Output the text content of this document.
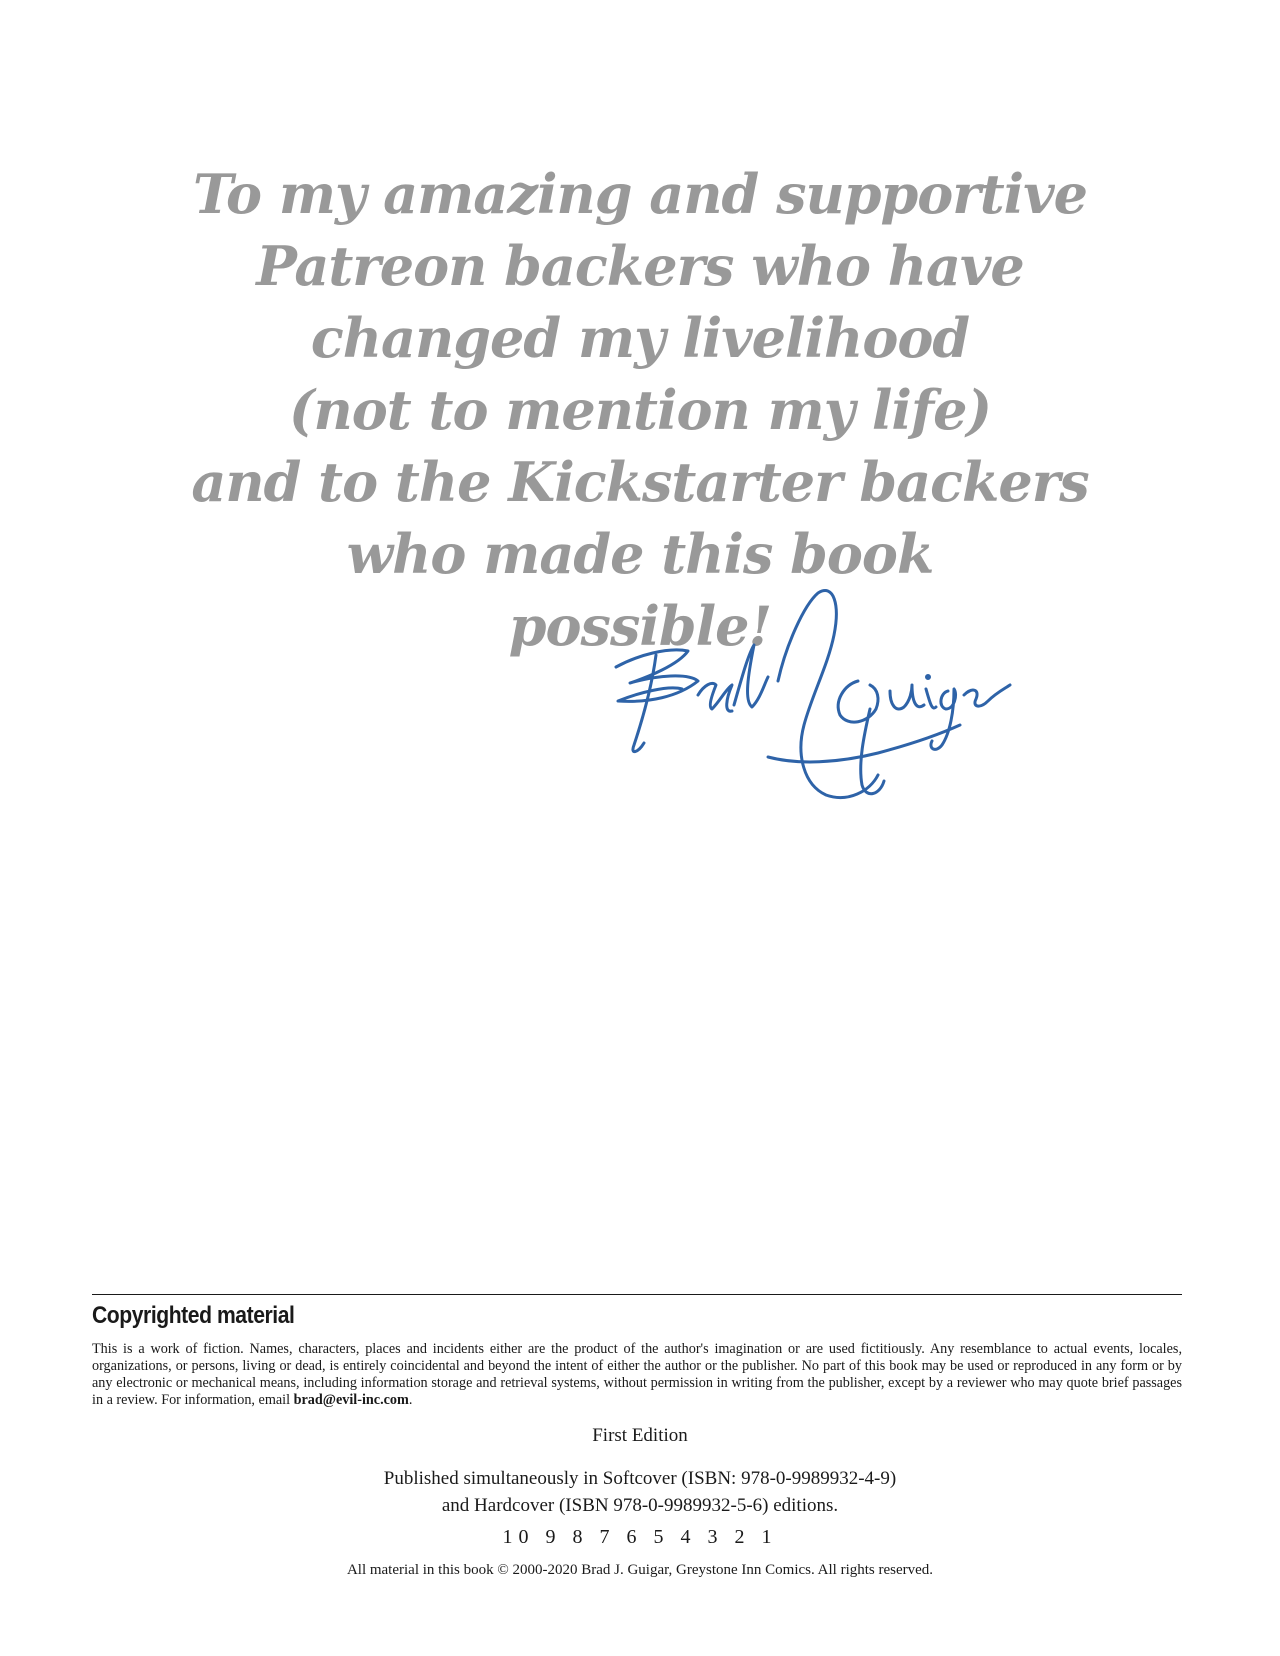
To my amazing and supportive
Patreon backers who have
changed my livelihood
(not to mention my life)
and to the Kickstarter backers
who made this book
possible!
Copyrighted material
This is a work of fiction. Names, characters, places and incidents either are the product of the author's imagination or are used fictitiously. Any resemblance to actual events, locales, organizations, or persons, living or dead, is entirely coincidental and beyond the intent of either the author or the publisher. No part of this book may be used or reproduced in any form or by any electronic or mechanical means, including information storage and retrieval systems, without permission in writing from the publisher, except by a reviewer who may quote brief passages in a review. For information, email brad@evil-inc.com.
First Edition
Published simultaneously in Softcover (ISBN: 978-0-9989932-4-9)
and Hardcover (ISBN 978-0-9989932-5-6) editions.
10 9 8 7 6 5 4 3 2 1
All material in this book © 2000-2020 Brad J. Guigar, Greystone Inn Comics. All rights reserved.
